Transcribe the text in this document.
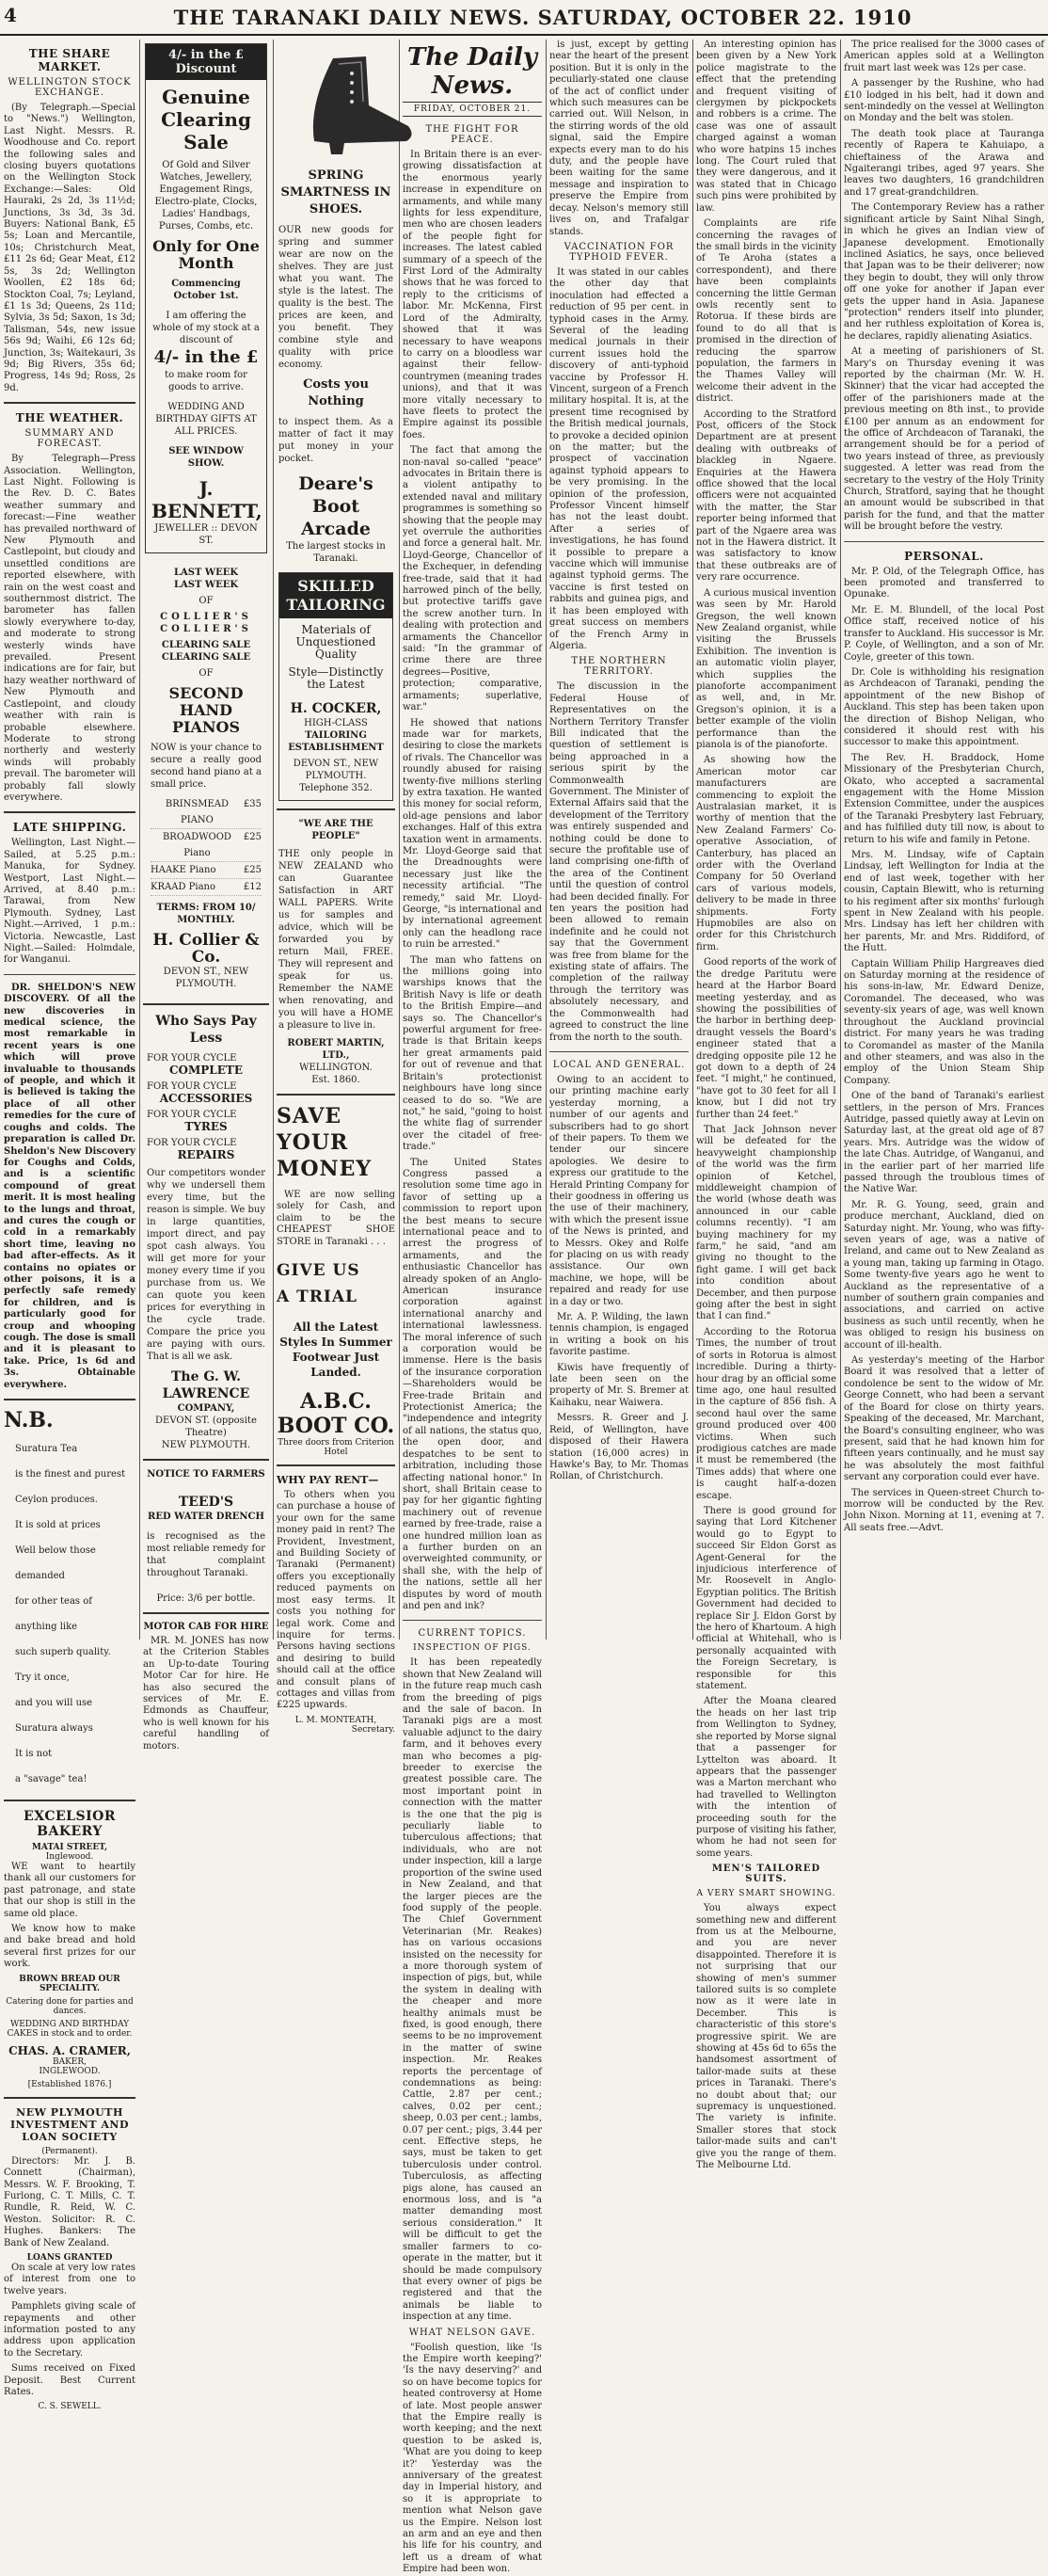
4	THE TARANAKI DAILY NEWS. SATURDAY, OCTOBER 22. 1910
THE SHARE MARKET.
WELLINGTON STOCK EXCHANGE.

(By Telegraph.—Special to "News.") Wellington, Last Night. Messrs. R. Woodhouse and Co. report the following sales and closing buyers quotations on the Wellington Stock Exchange:—Sales: Old Hauraki, 2s 2d, 3s 11½d; Junctions, 3s 3d, 3s 3d. Buyers: National Bank, £5 5s; Loan and Mercantile, 10s; Christchurch Meat, £11 2s 6d; Gear Meat, £12 5s, 3s 2d; Wellington Woollen, £2 18s 6d; Stockton Coal, 7s; Leyland, £1 1s 3d; Queens, 2s 11d; Sylvia, 3s 5d; Saxon, 1s 3d; Talisman, 54s, new issue 56s 9d; Waihi, £6 12s 6d; Junction, 3s; Waitekauri, 3s 9d; Big Rivers, 35s 6d; Progress, 14s 9d; Ross, 2s 9d.

THE WEATHER.
SUMMARY AND FORECAST.

By Telegraph—Press Association. Wellington, Last Night. Following is the Rev. D. C. Bates weather summary and forecast:—Fine weather has prevailed northward of New Plymouth and Castlepoint, but cloudy and unsettled conditions are reported elsewhere, with rain on the west coast and southernmost district. The barometer has fallen slowly everywhere to-day, and moderate to strong westerly winds have prevailed. Present indications are for fair, but hazy weather northward of New Plymouth and Castlepoint, and cloudy weather with rain is probable elsewhere. Moderate to strong northerly and westerly winds will probably prevail. The barometer will probably fall slowly everywhere.

LATE SHIPPING.

Wellington, Last Night.—Sailed, at 5.25 p.m.: Manuka, for Sydney. Westport, Last Night.—Arrived, at 8.40 p.m.: Tarawai, from New Plymouth. Sydney, Last Night.—Arrived, 1 p.m.: Victoria. Newcastle, Last Night.—Sailed: Holmdale, for Wanganui.

DR. SHELDON'S NEW DISCOVERY. Of all the new discoveries in medical science, the most remarkable in recent years is one which will prove invaluable to thousands of people, and which it is believed is taking the place of all other remedies for the cure of coughs and colds. The preparation is called Dr. Sheldon's New Discovery for Coughs and Colds, and is a scientific compound of great merit. It is most healing to the lungs and throat, and cures the cough or cold in a remarkably short time, leaving no bad after-effects. As it contains no opiates or other poisons, it is a perfectly safe remedy for children, and is particularly good for croup and whooping cough. The dose is small and it is pleasant to take. Price, 1s 6d and 3s. Obtainable everywhere.

N.B.
Suratura Tea
is the finest and purest
Ceylon produces.
It is sold at prices
Well below those demanded
for other teas of
anything like
such superb quality.
Try it once,
and you will use
Suratura always
It is not
a "savage" tea!
EXCELSIOR BAKERY
MATAI STREET,
Inglewood.

WE want to heartily thank all our customers for past patronage, and state that our shop is still in the same old place.

We know how to make and bake bread and hold several first prizes for our work.

BROWN BREAD OUR SPECIALITY.
Catering done for parties and dances.
WEDDING AND BIRTHDAY CAKES in stock and to order.
CHAS. A. CRAMER,
BAKER,
INGLEWOOD.
[Established 1876.]
NEW PLYMOUTH INVESTMENT AND LOAN SOCIETY
(Permanent).

Directors: Mr. J. B. Connett (Chairman), Messrs. W. F. Brooking, T. Furlong, C. T. Mills, C. T. Rundle, R. Reid, W. C. Weston. Solicitor: R. C. Hughes. Bankers: The Bank of New Zealand.

LOANS GRANTED

On scale at very low rates of interest from one to twelve years.

Pamphlets giving scale of repayments and other information posted to any address upon application to the Secretary.

Sums received on Fixed Deposit. Best Current Rates.

C. S. SEWELL.
4/- in the £ Discount
Genuine Clearing Sale
Of Gold and Silver Watches, Jewellery, Engagement Rings, Electro-plate, Clocks, Ladies' Handbags, Purses, Combs, etc.
Only for One Month
Commencing October 1st.
I am offering the whole of my stock at a discount of
4/- in the £
to make room for goods to arrive.
WEDDING AND BIRTHDAY GIFTS AT ALL PRICES.
SEE WINDOW SHOW.
J. BENNETT,
JEWELLER :: DEVON ST.
LAST WEEK
LAST WEEK
OF
COLLIER'S
COLLIER'S
CLEARING SALE
CLEARING SALE
OF
SECOND HAND PIANOS
NOW is your chance to secure a really good second hand piano at a small price.
BRINSMEAD PIANO
£35
BROADWOOD Piano
£25
HAAKE Piano	£25
KRAAD Piano	£12
TERMS: FROM 10/ MONTHLY.
H. Collier & Co.
DEVON ST., NEW PLYMOUTH.
Who Says Pay Less
FOR YOUR CYCLE
COMPLETE
FOR YOUR CYCLE
ACCESSORIES
FOR YOUR CYCLE
TYRES
FOR YOUR CYCLE
REPAIRS
Our competitors wonder why we undersell them every time, but the reason is simple. We buy in large quantities, import direct, and pay spot cash always. You will get more for your money every time if you purchase from us. We can quote you keen prices for everything in the cycle trade. Compare the price you are paying with ours. That is all we ask.
The G. W. LAWRENCE
COMPANY,
DEVON ST. (opposite Theatre)
NEW PLYMOUTH.
NOTICE TO FARMERS
TEED'S
RED WATER DRENCH
is recognised as the most reliable remedy for that complaint throughout Taranaki.
Price: 3/6 per bottle.
MOTOR CAB FOR HIRE

MR. M. JONES has now at the Criterion Stables an Up-to-date Touring Motor Car for hire. He has also secured the services of Mr. E. Edmonds as Chauffeur, who is well known for his careful handling of motors.

SPRING SMARTNESS IN SHOES.
OUR new goods for spring and summer wear are now on the shelves. They are just what you want. The style is the latest. The quality is the best. The prices are keen, and you benefit. They combine style and quality with price economy.
Costs you Nothing
to inspect them. As a matter of fact it may put money in your pocket.
Deare's Boot Arcade
The largest stocks in Taranaki.
SKILLED TAILORING
Materials of Unquestioned Quality
Style—Distinctly the Latest
H. COCKER,
HIGH-CLASS
TAILORING ESTABLISHMENT
DEVON ST., NEW PLYMOUTH.
Telephone 352.
"WE ARE THE PEOPLE"
THE only people in NEW ZEALAND who can Guarantee Satisfaction in ART WALL PAPERS. Write us for samples and advice, which will be forwarded you by return Mail, FREE. They will represent and speak for us. Remember the NAME when renovating, and you will have a HOME a pleasure to live in.
ROBERT MARTIN, LTD.,
WELLINGTON.
Est. 1860.
SAVE
YOUR
MONEY

WE are now selling solely for Cash, and claim to be the CHEAPEST SHOE STORE in Taranaki . . .

GIVE US
A TRIAL
All the Latest Styles In Summer Footwear Just Landed.
A.B.C. BOOT CO.
Three doors from Criterion Hotel
WHY PAY RENT—

To others when you can purchase a house of your own for the same money paid in rent? The Provident, Investment, and Building Society of Taranaki (Permanent) offers you exceptionally reduced payments on most easy terms. It costs you nothing for legal work. Come and inquire for terms. Persons having sections and desiring to build should call at the office and consult plans of cottages and villas from £225 upwards.

L. M. MONTEATH,
Secretary.
The Daily News.
FRIDAY, OCTOBER 21.
THE FIGHT FOR PEACE.

In Britain there is an ever-growing dissatisfaction at the enormous yearly increase in expenditure on armaments, and while many lights for less expenditure, men who are chosen leaders of the people fight for increases. The latest cabled summary of a speech of the First Lord of the Admiralty shows that he was forced to reply to the criticisms of labor. Mr. McKenna, First Lord of the Admiralty, showed that it was necessary to have weapons to carry on a bloodless war against their fellow-countrymen (meaning trades unions), and that it was more vitally necessary to have fleets to protect the Empire against its possible foes.

The fact that among the non-naval so-called "peace" advocates in Britain there is a violent antipathy to extended naval and military programmes is something so showing that the people may yet overrule the authorities and force a general halt. Mr. Lloyd-George, Chancellor of the Exchequer, in defending free-trade, said that it had harrowed pinch of the belly, but protective tariffs gave the screw another turn. In dealing with protection and armaments the Chancellor said: "In the grammar of crime there are three degrees—Positive, protection; comparative, armaments; superlative, war."

He showed that nations made war for markets, desiring to close the markets of rivals. The Chancellor was roundly abused for raising twenty-five millions sterling by extra taxation. He wanted this money for social reform, old-age pensions and labor exchanges. Half of this extra taxation went in armaments. Mr. Lloyd-George said that the Dreadnoughts were necessary just like the necessity artificial. "The remedy," said Mr. Lloyd-George, "is international and by international agreement only can the headlong race to ruin be arrested."

The man who fattens on the millions going into warships knows that the British Navy is life or death to the British Empire—and says so. The Chancellor's powerful argument for free-trade is that Britain keeps her great armaments paid for out of revenue and that Britain's protectionist neighbours have long since ceased to do so. "We are not," he said, "going to hoist the white flag of surrender over the citadel of free-trade."

The United States Congress passed a resolution some time ago in favor of setting up a commission to report upon the best means to secure international peace and to arrest the progress of armaments, and the enthusiastic Chancellor has already spoken of an Anglo-American insurance corporation against international anarchy and international lawlessness. The moral inference of such a corporation would be immense. Here is the basis of the insurance corporation—Shareholders would be Free-trade Britain and Protectionist America; the "independence and integrity of all nations, the status quo, the open door, and despatches to be sent to arbitration, including those affecting national honor." In short, shall Britain cease to pay for her gigantic fighting machinery out of revenue earned by free-trade, raise a one hundred million loan as a further burden on an overweighted community, or shall she, with the help of the nations, settle all her disputes by word of mouth and pen and ink?

CURRENT TOPICS.
INSPECTION OF PIGS.

It has been repeatedly shown that New Zealand will in the future reap much cash from the breeding of pigs and the sale of bacon. In Taranaki pigs are a most valuable adjunct to the dairy farm, and it behoves every man who becomes a pig-breeder to exercise the greatest possible care. The most important point in connection with the matter is the one that the pig is peculiarly liable to tuberculous affections; that individuals, who are not under inspection, kill a large proportion of the swine used in New Zealand, and that the larger pieces are the food supply of the people. The Chief Government Veterinarian (Mr. Reakes) has on various occasions insisted on the necessity for a more thorough system of inspection of pigs, but, while the system in dealing with the cheaper and more healthy animals must be fixed, is good enough, there seems to be no improvement in the matter of swine inspection. Mr. Reakes reports the percentage of condemnations as being: Cattle, 2.87 per cent.; calves, 0.02 per cent.; sheep, 0.03 per cent.; lambs, 0.07 per cent.; pigs, 3.44 per cent. Effective steps, he says, must be taken to get tuberculosis under control. Tuberculosis, as affecting pigs alone, has caused an enormous loss, and is "a matter demanding most serious consideration." It will be difficult to get the smaller farmers to co-operate in the matter, but it should be made compulsory that every owner of pigs be registered and that the animals be liable to inspection at any time.

WHAT NELSON GAVE.

"Foolish question, like 'Is the Empire worth keeping?' 'Is the navy deserving?' and so on have become topics for heated controversy at Home of late. Most people answer that the Empire really is worth keeping; and the next question to be asked is, 'What are you doing to keep it?' Yesterday was the anniversary of the greatest day in Imperial history, and so it is appropriate to mention what Nelson gave us the Empire. Nelson lost an arm and an eye and then his life for his country, and left us a dream of what Empire had been won.

is just, except by getting near the heart of the present position. But it is only in the peculiarly-stated one clause of the act of conflict under which such measures can be carried out. Will Nelson, in the stirring words of the old signal, said the Empire expects every man to do his duty, and the people have been waiting for the same message and inspiration to preserve the Empire from decay. Nelson's memory still lives on, and Trafalgar stands.

VACCINATION FOR TYPHOID FEVER.

It was stated in our cables the other day that inoculation had effected a reduction of 95 per cent. in typhoid cases in the Army. Several of the leading medical journals in their current issues hold the discovery of anti-typhoid vaccine by Professor H. Vincent, surgeon of a French military hospital. It is, at the present time recognised by the British medical journals, to provoke a decided opinion on the matter; but the prospect of vaccination against typhoid appears to be very promising. In the opinion of the profession, Professor Vincent himself has not the least doubt. After a series of investigations, he has found it possible to prepare a vaccine which will immunise against typhoid germs. The vaccine is first tested on rabbits and guinea pigs, and it has been employed with great success on members of the French Army in Algeria.

THE NORTHERN TERRITORY.

The discussion in the Federal House of Representatives on the Northern Territory Transfer Bill indicated that the question of settlement is being approached in a serious spirit by the Commonwealth Government. The Minister of External Affairs said that the development of the Territory was entirely suspended and nothing could be done to secure the profitable use of land comprising one-fifth of the area of the Continent until the question of control had been decided finally. For ten years the position had been allowed to remain indefinite and he could not say that the Government was free from blame for the existing state of affairs. The completion of the railway through the territory was absolutely necessary, and the Commonwealth had agreed to construct the line from the north to the south.

LOCAL AND GENERAL.

Owing to an accident to our printing machine early yesterday morning, a number of our agents and subscribers had to go short of their papers. To them we tender our sincere apologies. We desire to express our gratitude to the Herald Printing Company for their goodness in offering us the use of their machinery, with which the present issue of the News is printed, and to Messrs. Okey and Rolfe for placing on us with ready assistance. Our own machine, we hope, will be repaired and ready for use in a day or two.

Mr. A. P. Wilding, the lawn tennis champion, is engaged in writing a book on his favorite pastime.

Kiwis have frequently of late been seen on the property of Mr. S. Bremer at Kaihaku, near Waiwera.

Messrs. R. Greer and J. Reid, of Wellington, have disposed of their Hawera station (16,000 acres) in Hawke's Bay, to Mr. Thomas Rollan, of Christchurch.

An interesting opinion has been given by a New York police magistrate to the effect that the pretending and frequent visiting of clergymen by pickpockets and robbers is a crime. The case was one of assault charged against a woman who wore hatpins 15 inches long. The Court ruled that they were dangerous, and it was stated that in Chicago such pins were prohibited by law.

Complaints are rife concerning the ravages of the small birds in the vicinity of Te Aroha (states a correspondent), and there have been complaints concerning the little German owls recently sent to Rotorua. If these birds are found to do all that is promised in the direction of reducing the sparrow population, the farmers in the Thames Valley will welcome their advent in the district.

According to the Stratford Post, officers of the Stock Department are at present dealing with outbreaks of blackleg in Ngaere. Enquiries at the Hawera office showed that the local officers were not acquainted with the matter, the Star reporter being informed that part of the Ngaere area was not in the Hawera district. It was satisfactory to know that these outbreaks are of very rare occurrence.

A curious musical invention was seen by Mr. Harold Gregson, the well known New Zealand organist, while visiting the Brussels Exhibition. The invention is an automatic violin player, which supplies the pianoforte accompaniment as well, and, in Mr. Gregson's opinion, it is a better example of the violin performance than the pianola is of the pianoforte.

As showing how the American motor car manufacturers are commencing to exploit the Australasian market, it is worthy of mention that the New Zealand Farmers' Co-operative Association, of Canterbury, has placed an order with the Overland Company for 50 Overland cars of various models, delivery to be made in three shipments. Forty Hupmobiles are also on order for this Christchurch firm.

Good reports of the work of the dredge Paritutu were heard at the Harbor Board meeting yesterday, and as showing the possibilities of the harbor in berthing deep-draught vessels the Board's engineer stated that a dredging opposite pile 12 he got down to a depth of 24 feet. "I might," he continued, "have got to 30 feet for all I know, but I did not try further than 24 feet."

That Jack Johnson never will be defeated for the heavyweight championship of the world was the firm opinion of Ketchel, middleweight champion of the world (whose death was announced in our cable columns recently). "I am buying machinery for my farm," he said, "and am giving no thought to the fight game. I will get back into condition about December, and then purpose going after the best in sight that I can find."

According to the Rotorua Times, the number of trout of sorts in Rotorua is almost incredible. During a thirty-hour drag by an official some time ago, one haul resulted in the capture of 856 fish. A second haul over the same ground produced over 400 victims. When such prodigious catches are made it must be remembered (the Times adds) that where one is caught half-a-dozen escape.

There is good ground for saying that Lord Kitchener would go to Egypt to succeed Sir Eldon Gorst as Agent-General for the injudicious interference of Mr. Roosevelt in Anglo-Egyptian politics. The British Government had decided to replace Sir J. Eldon Gorst by the hero of Khartoum. A high official at Whitehall, who is personally acquainted with the Foreign Secretary, is responsible for this statement.

After the Moana cleared the heads on her last trip from Wellington to Sydney, she reported by Morse signal that a passenger for Lyttelton was aboard. It appears that the passenger was a Marton merchant who had travelled to Wellington with the intention of proceeding south for the purpose of visiting his father, whom he had not seen for some years.

MEN'S TAILORED SUITS.
A VERY SMART SHOWING.

You always expect something new and different from us at the Melbourne, and you are never disappointed. Therefore it is not surprising that our showing of men's summer tailored suits is so complete now as it were late in December. This is characteristic of this store's progressive spirit. We are showing at 45s 6d to 65s the handsomest assortment of tailor-made suits at these prices in Taranaki. There's no doubt about that; our supremacy is unquestioned. The variety is infinite. Smaller stores that stock tailor-made suits and can't give you the range of them. The Melbourne Ltd.

The price realised for the 3000 cases of American apples sold at a Wellington fruit mart last week was 12s per case.

A passenger by the Rushine, who had £10 lodged in his belt, had it down and sent-mindedly on the vessel at Wellington on Monday and the belt was stolen.

The death took place at Tauranga recently of Rapera te Kahuiapo, a chieftainess of the Arawa and Ngaiterangi tribes, aged 97 years. She leaves two daughters, 16 grandchildren and 17 great-grandchildren.

The Contemporary Review has a rather significant article by Saint Nihal Singh, in which he gives an Indian view of Japanese development. Emotionally inclined Asiatics, he says, once believed that Japan was to be their deliverer; now they begin to doubt, they will only throw off one yoke for another if Japan ever gets the upper hand in Asia. Japanese "protection" renders itself into plunder, and her ruthless exploitation of Korea is, he declares, rapidly alienating Asiatics.

At a meeting of parishioners of St. Mary's on Thursday evening it was reported by the chairman (Mr. W. H. Skinner) that the vicar had accepted the offer of the parishioners made at the previous meeting on 8th inst., to provide £100 per annum as an endowment for the office of Archdeacon of Taranaki, the arrangement should be for a period of two years instead of three, as previously suggested. A letter was read from the secretary to the vestry of the Holy Trinity Church, Stratford, saying that he thought an amount would be subscribed in that parish for the fund, and that the matter will be brought before the vestry.

PERSONAL.

Mr. P. Old, of the Telegraph Office, has been promoted and transferred to Opunake.

Mr. E. M. Blundell, of the local Post Office staff, received notice of his transfer to Auckland. His successor is Mr. P. Coyle, of Wellington, and a son of Mr. Coyle, greeter of this town.

Dr. Cole is withholding his resignation as Archdeacon of Taranaki, pending the appointment of the new Bishop of Auckland. This step has been taken upon the direction of Bishop Neligan, who considered it should rest with his successor to make this appointment.

The Rev. H. Braddock, Home Missionary of the Presbyterian Church, Okato, who accepted a sacramental engagement with the Home Mission Extension Committee, under the auspices of the Taranaki Presbytery last February, and has fulfilled duty till now, is about to return to his wife and family in Petone.

Mrs. M. Lindsay, wife of Captain Lindsay, left Wellington for India at the end of last week, together with her cousin, Captain Blewitt, who is returning to his regiment after six months' furlough spent in New Zealand with his people. Mrs. Lindsay has left her children with her parents, Mr. and Mrs. Riddiford, of the Hutt.

Captain William Philip Hargreaves died on Saturday morning at the residence of his sons-in-law, Mr. Edward Denize, Coromandel. The deceased, who was seventy-six years of age, was well known throughout the Auckland provincial district. For many years he was trading to Coromandel as master of the Manila and other steamers, and was also in the employ of the Union Steam Ship Company.

One of the band of Taranaki's earliest settlers, in the person of Mrs. Frances Autridge, passed quietly away at Levin on Saturday last, at the great old age of 87 years. Mrs. Autridge was the widow of the late Chas. Autridge, of Wanganui, and in the earlier part of her married life passed through the troublous times of the Native War.

Mr. R. G. Young, seed, grain and produce merchant, Auckland, died on Saturday night. Mr. Young, who was fifty-seven years of age, was a native of Ireland, and came out to New Zealand as a young man, taking up farming in Otago. Some twenty-five years ago he went to Auckland as the representative of a number of southern grain companies and associations, and carried on active business as such until recently, when he was obliged to resign his business on account of ill-health.

As yesterday's meeting of the Harbor Board it was resolved that a letter of condolence be sent to the widow of Mr. George Connett, who had been a servant of the Board for close on thirty years. Speaking of the deceased, Mr. Marchant, the Board's consulting engineer, who was present, said that he had known him for fifteen years continually, and he must say he was absolutely the most faithful servant any corporation could ever have.

The services in Queen-street Church to-morrow will be conducted by the Rev. John Nixon. Morning at 11, evening at 7. All seats free.—Advt.
